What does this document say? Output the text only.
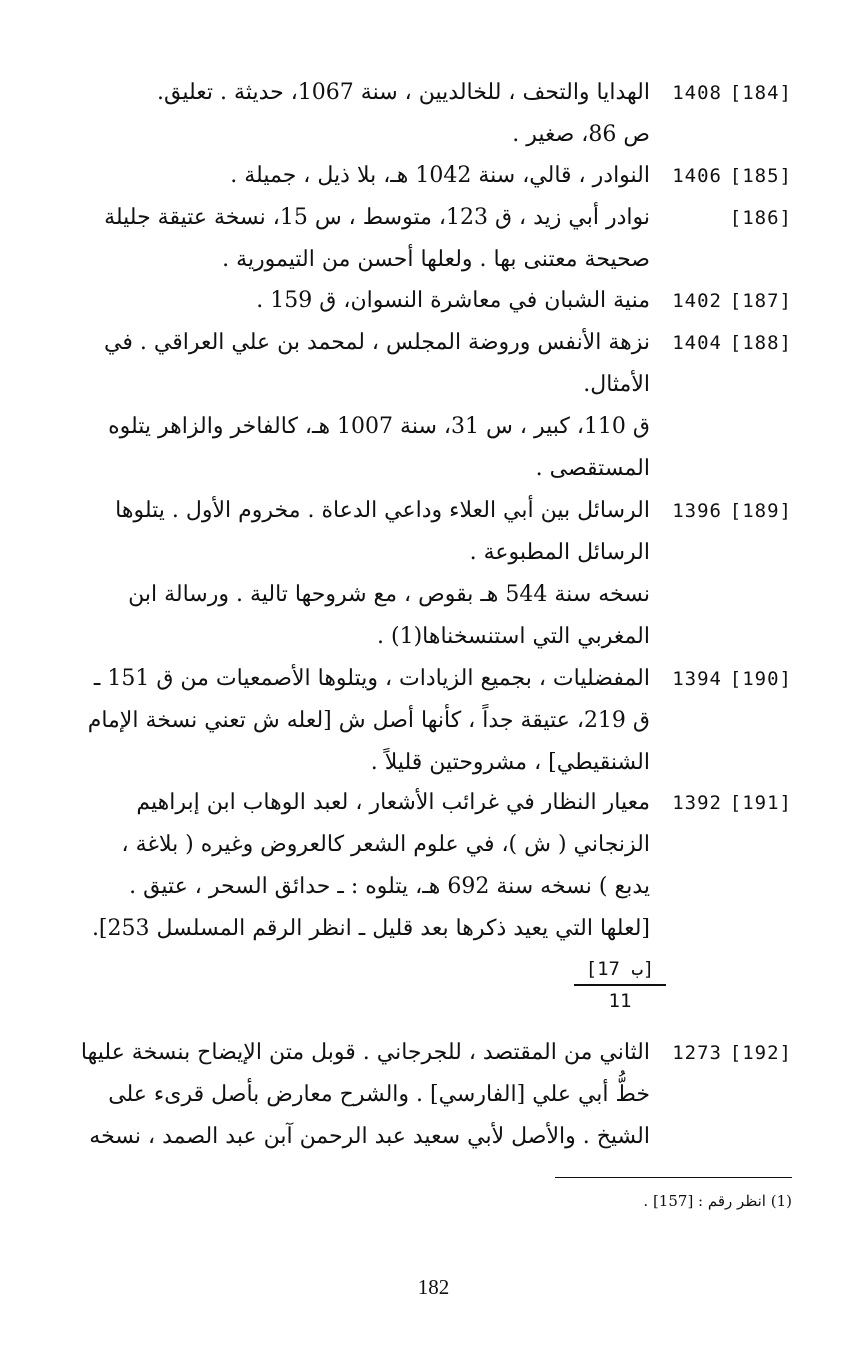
[184]
1408

الهدايا والتحف ، للخالديين ، سنة 1067، حديثة . تعليق.

ص 86، صغير .

[185]
1406

النوادر ، قالي، سنة 1042 هـ، بلا ذيل ، جميلة .

[186]

نوادر أبي زيد ، ق 123، متوسط ، س 15، نسخة عتيقة جليلة

صحيحة معتنى بها . ولعلها أحسن من التيمورية .

[187]
1402

منية الشبان في معاشرة النسوان، ق 159 .

[188]
1404

نزهة الأنفس وروضة المجلس ، لمحمد بن علي العراقي . في

الأمثال.

ق 110، كبير ، س 31، سنة 1007 هـ، كالفاخر والزاهر يتلوه

المستقصى .

[189]
1396

الرسائل بين أبي العلاء وداعي الدعاة . مخروم الأول . يتلوها

الرسائل المطبوعة .

نسخه سنة 544 هـ بقوص ، مع شروحها تالية . ورسالة ابن

المغربي التي استنسخناها(1) .

[190]
1394

المفضليات ، بجميع الزيادات ، ويتلوها الأصمعيات من ق 151 ـ

ق 219، عتيقة جداً ، كأنها أصل ش [لعله ش تعني نسخة الإمام

الشنقيطي] ، مشروحتين قليلاً .

[191]
1392

معيار النظار في غرائب الأشعار ، لعبد الوهاب ابن إبراهيم

الزنجاني ( ش )، في علوم الشعر كالعروض وغيره ( بلاغة ،

يدبع ) نسخه سنة 692 هـ، يتلوه : ـ حدائق السحر ، عتيق .

[لعلها التي يعيد ذكرها بعد قليل ـ انظر الرقم المسلسل 253].

[17 ب]
11
[192]
1273

الثاني من المقتصد ، للجرجاني . قوبل متن الإيضاح بنسخة عليها

خطُّ أبي علي [الفارسي] . والشرح معارض بأصل قرىء على

الشيخ . والأصل لأبي سعيد عبد الرحمن آبن عبد الصمد ، نسخه

(1) انظر رقم : [157] .
182
